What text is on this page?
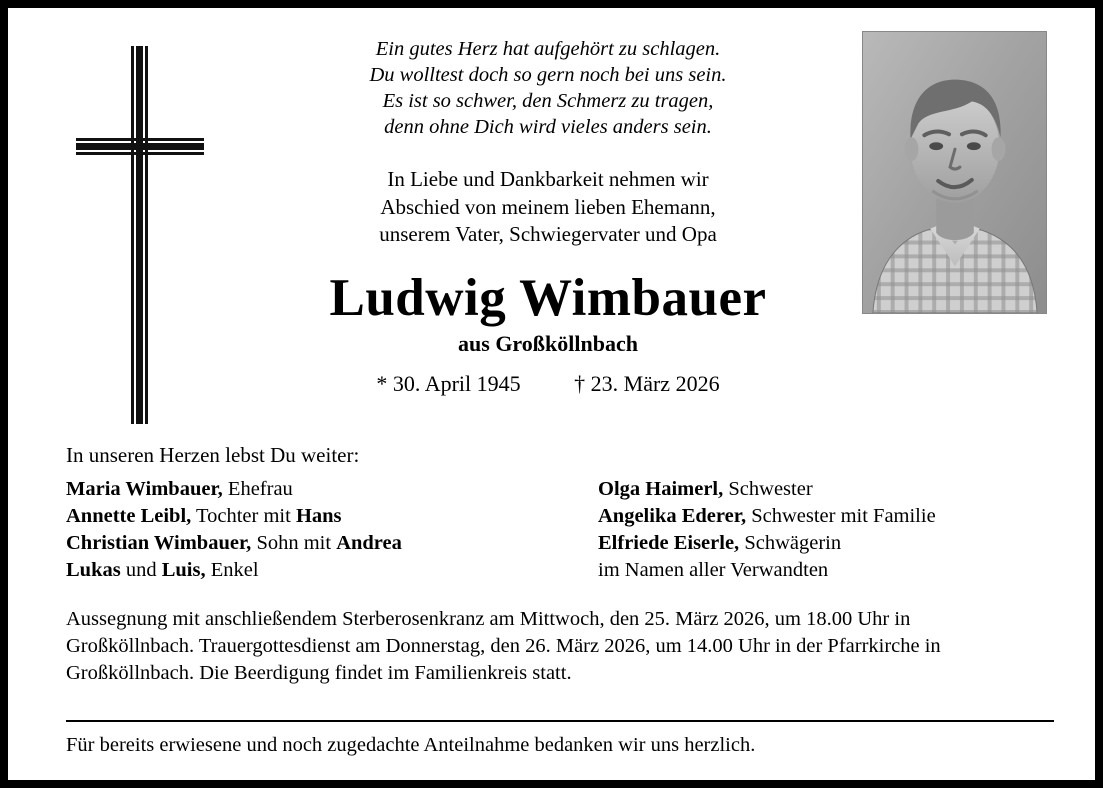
Ein gutes Herz hat aufgehört zu schlagen.
Du wolltest doch so gern noch bei uns sein.
Es ist so schwer, den Schmerz zu tragen,
denn ohne Dich wird vieles anders sein.
In Liebe und Dankbarkeit nehmen wir
Abschied von meinem lieben Ehemann,
unserem Vater, Schwiegervater und Opa
Ludwig Wimbauer
aus Großköllnbach
* 30. April 1945 † 23. März 2026
In unseren Herzen lebst Du weiter:
Maria Wimbauer, Ehefrau
Annette Leibl, Tochter mit Hans
Christian Wimbauer, Sohn mit Andrea
Lukas und Luis, Enkel
Olga Haimerl, Schwester
Angelika Ederer, Schwester mit Familie
Elfriede Eiserle, Schwägerin
im Namen aller Verwandten
Aussegnung mit anschließendem Sterberosenkranz am Mittwoch, den 25. März 2026, um 18.00 Uhr in Großköllnbach. Trauergottesdienst am Donnerstag, den 26. März 2026, um 14.00 Uhr in der Pfarrkirche in Großköllnbach. Die Beerdigung findet im Familienkreis statt.
Für bereits erwiesene und noch zugedachte Anteilnahme bedanken wir uns herzlich.
